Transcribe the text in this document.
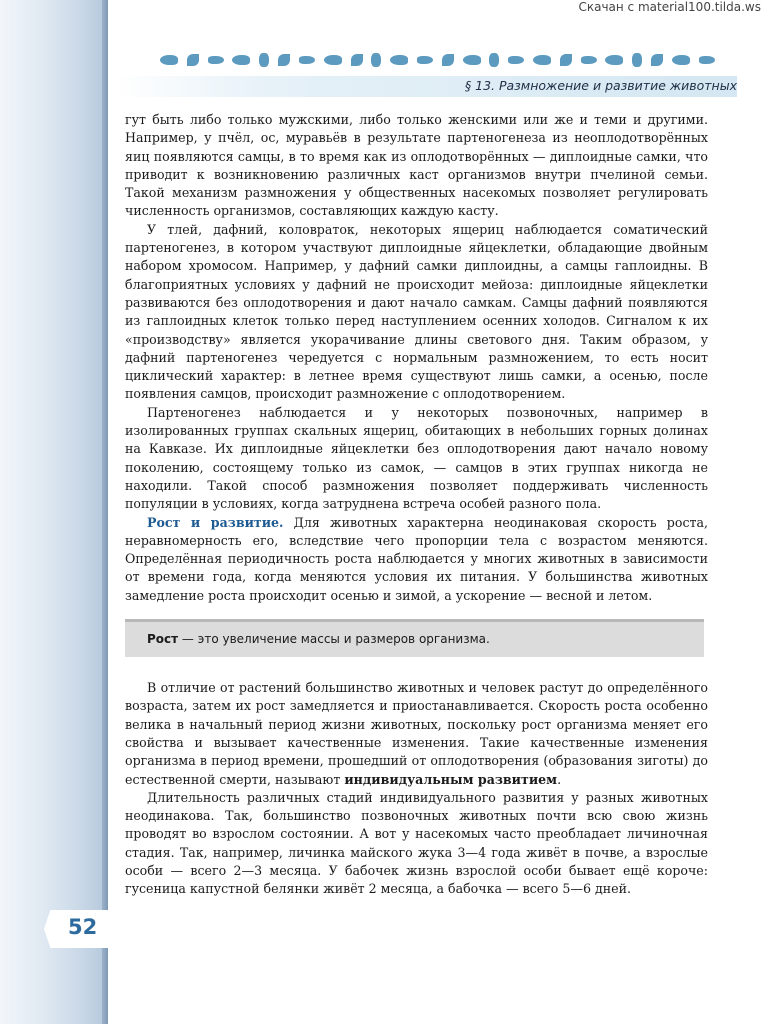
Скачан с material100.tilda.ws
§ 13. Размножение и развитие животных

гут быть либо только мужскими, либо только женскими или же и теми и другими. Например, у пчёл, ос, муравьёв в результате партеногенеза из неоплодотворённых яиц появляются самцы, в то время как из оплодотворённых — диплоидные самки, что приводит к возникновению различных каст организмов внутри пчелиной семьи. Такой механизм размножения у общественных насекомых позволяет регулировать численность организмов, составляющих каждую касту.

У тлей, дафний, коловраток, некоторых ящериц наблюдается соматический партеногенез, в котором участвуют диплоидные яйцеклетки, обладающие двойным набором хромосом. Например, у дафний самки диплоидны, а самцы гаплоидны. В благоприятных условиях у дафний не происходит мейоза: диплоидные яйцеклетки развиваются без оплодотворения и дают начало самкам. Самцы дафний появляются из гаплоидных клеток только перед наступлением осенних холодов. Сигналом к их «производству» является укорачивание длины светового дня. Таким образом, у дафний партеногенез чередуется с нормальным размножением, то есть носит циклический характер: в летнее время существуют лишь самки, а осенью, после появления самцов, происходит размножение с оплодотворением.

Партеногенез наблюдается и у некоторых позвоночных, например в изолированных группах скальных ящериц, обитающих в небольших горных долинах на Кавказе. Их диплоидные яйцеклетки без оплодотворения дают начало новому поколению, состоящему только из самок, — самцов в этих группах никогда не находили. Такой способ размножения позволяет поддерживать численность популяции в условиях, когда затруднена встреча особей разного пола.

Рост и развитие. Для животных характерна неодинаковая скорость роста, неравномерность его, вследствие чего пропорции тела с возрастом меняются. Определённая периодичность роста наблюдается у многих животных в зависимости от времени года, когда меняются условия их питания. У большинства животных замедление роста происходит осенью и зимой, а ускорение — весной и летом.

Рост — это увеличение массы и размеров организма.

В отличие от растений большинство животных и человек растут до определённого возраста, затем их рост замедляется и приостанавливается. Скорость роста особенно велика в начальный период жизни животных, поскольку рост организма меняет его свойства и вызывает качественные изменения. Такие качественные изменения организма в период времени, прошедший от оплодотворения (образования зиготы) до естественной смерти, называют индивидуальным развитием.

Длительность различных стадий индивидуального развития у разных животных неодинакова. Так, большинство позвоночных животных почти всю свою жизнь проводят во взрослом состоянии. А вот у насекомых часто преобладает личиночная стадия. Так, например, личинка майского жука 3—4 года живёт в почве, а взрослые особи — всего 2—3 месяца. У бабочек жизнь взрослой особи бывает ещё короче: гусеница капустной белянки живёт 2 месяца, а бабочка — всего 5—6 дней.

52
